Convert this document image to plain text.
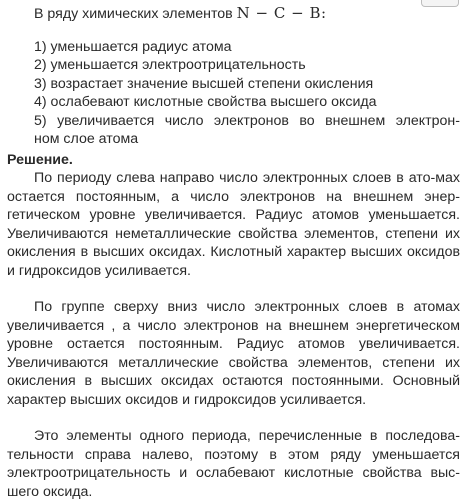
В ряду химических элементов N − C − B:
1) уменьшается радиус атома
2) уменьшается электроотрицательность
3) возрастает значение высшей степени окисления
4) ослабевают кислотные свойства высшего оксида
5) увеличивается число электронов во внешнем электрон-
ном слое атома
Решение.

По периоду слева направо число электронных слоев в ато-мах остается постоянным, а число электронов на внешнем энер-гетическом уровне увеличивается. Радиус атомов уменьшается. Увеличиваются неметаллические свойства элементов, степени их окисления в высших оксидах. Кислотный характер высших оксидов и гидроксидов усиливается.

По группе сверху вниз число электронных слоев в атомах увеличивается , а число электронов на внешнем энергетическом уровне остается постоянным. Радиус атомов увеличивается. Увеличиваются металлические свойства элементов, степени их окисления в высших оксидах остаются постоянными. Основный характер высших оксидов и гидроксидов усиливается.

Это элементы одного периода, перечисленные в последова-тельности справа налево, поэтому в этом ряду уменьшается электроотрицательность и ослабевают кислотные свойства выс-шего оксида.
